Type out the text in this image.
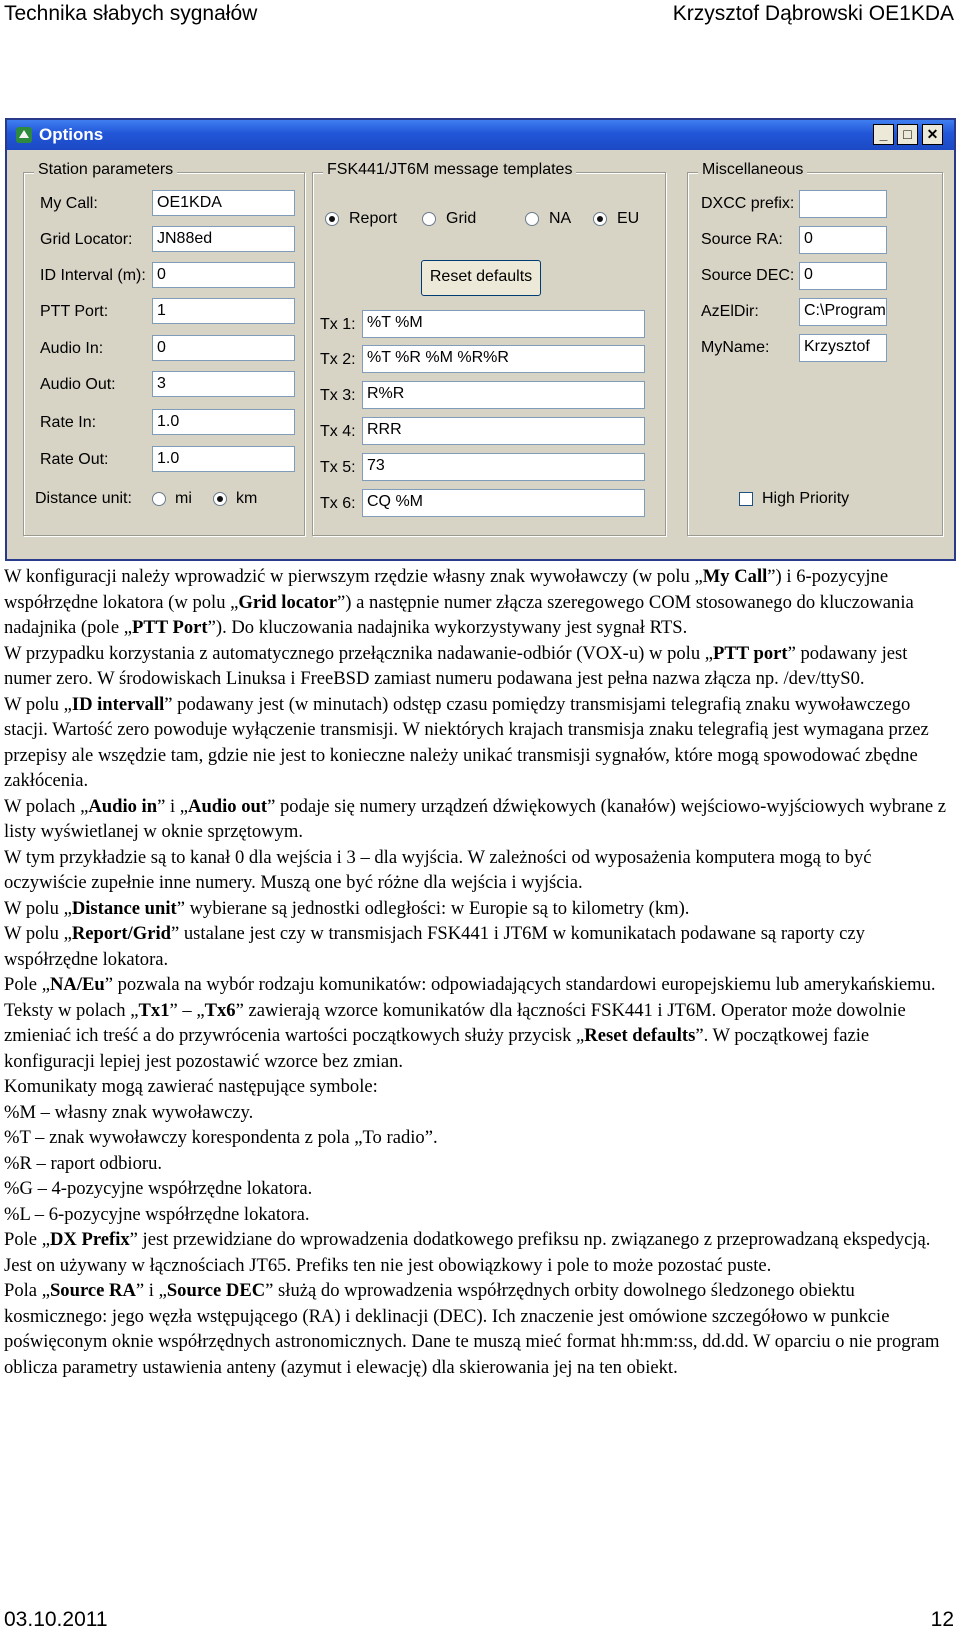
Technika słabych sygnałów	Krzysztof Dąbrowski OE1KDA
Options	_	□	✕
Station parameters
My Call:	OE1KDA
Grid Locator:	JN88ed
ID Interval (m): 0
PTT Port:	1
Audio In:	0
Audio Out:	3
Rate In:	1.0
Rate Out:	1.0
Distance unit:	mi	km
FSK441/JT6M message templates
Report	Grid	NA	EU
Reset defaults
Tx 1: %T %M
Tx 2: %T %R %M %R%R
Tx 3: R%R
Tx 4: RRR
Tx 5: 73
Tx 6: CQ %M
Miscellaneous
DXCC prefix:
Source RA:	0
Source DEC: 0
AzElDir:	C:\Program
MyName:	Krzysztof
High Priority

W konfiguracji należy wprowadzić w pierwszym rzędzie własny znak wywoławczy (w polu „My Call”) i 6-pozycyjne współrzędne lokatora (w polu „Grid locator”) a następnie numer złącza szeregowego COM stosowanego do kluczowania nadajnika (pole „PTT Port”). Do kluczowania nadajnika wykorzystywany jest sygnał RTS.

W przypadku korzystania z automatycznego przełącznika nadawanie-odbiór (VOX-u) w polu „PTT port” podawany jest numer zero. W środowiskach Linuksa i FreeBSD zamiast numeru podawana jest pełna nazwa złącza np. /dev/ttyS0.

W polu „ID intervall” podawany jest (w minutach) odstęp czasu pomiędzy transmisjami telegrafią znaku wywoławczego stacji. Wartość zero powoduje wyłączenie transmisji. W niektórych krajach transmisja znaku telegrafią jest wymagana przez przepisy ale wszędzie tam, gdzie nie jest to konieczne należy unikać transmisji sygnałów, które mogą spowodować zbędne zakłócenia.

W polach „Audio in” i „Audio out” podaje się numery urządzeń dźwiękowych (kanałów) wejściowo-wyjściowych wybrane z listy wyświetlanej w oknie sprzętowym.

W tym przykładzie są to kanał 0 dla wejścia i 3 – dla wyjścia. W zależności od wyposażenia komputera mogą to być oczywiście zupełnie inne numery. Muszą one być różne dla wejścia i wyjścia.

W polu „Distance unit” wybierane są jednostki odległości: w Europie są to kilometry (km).

W polu „Report/Grid” ustalane jest czy w transmisjach FSK441 i JT6M w komunikatach podawane są raporty czy współrzędne lokatora.

Pole „NA/Eu” pozwala na wybór rodzaju komunikatów: odpowiadających standardowi europejskiemu lub amerykańskiemu.

Teksty w polach „Tx1” – „Tx6” zawierają wzorce komunikatów dla łączności FSK441 i JT6M. Operator może dowolnie zmieniać ich treść a do przywrócenia wartości początkowych służy przycisk „Reset defaults”. W początkowej fazie konfiguracji lepiej jest pozostawić wzorce bez zmian.

Komunikaty mogą zawierać następujące symbole:

%M – własny znak wywoławczy.

%T – znak wywoławczy korespondenta z pola „To radio”.

%R – raport odbioru.

%G – 4-pozycyjne współrzędne lokatora.

%L – 6-pozycyjne współrzędne lokatora.

Pole „DX Prefix” jest przewidziane do wprowadzenia dodatkowego prefiksu np. związanego z przeprowadzaną ekspedycją. Jest on używany w łącznościach JT65. Prefiks ten nie jest obowiązkowy i pole to może pozostać puste.

Pola „Source RA” i „Source DEC” służą do wprowadzenia współrzędnych orbity dowolnego śledzonego obiektu kosmicznego: jego węzła wstępującego (RA) i deklinacji (DEC). Ich znaczenie jest omówione szczegółowo w punkcie poświęconym oknie współrzędnych astronomicznych. Dane te muszą mieć format hh:mm:ss, dd.dd. W oparciu o nie program oblicza parametry ustawienia anteny (azymut i elewację) dla skierowania jej na ten obiekt.

03.10.2011	12
